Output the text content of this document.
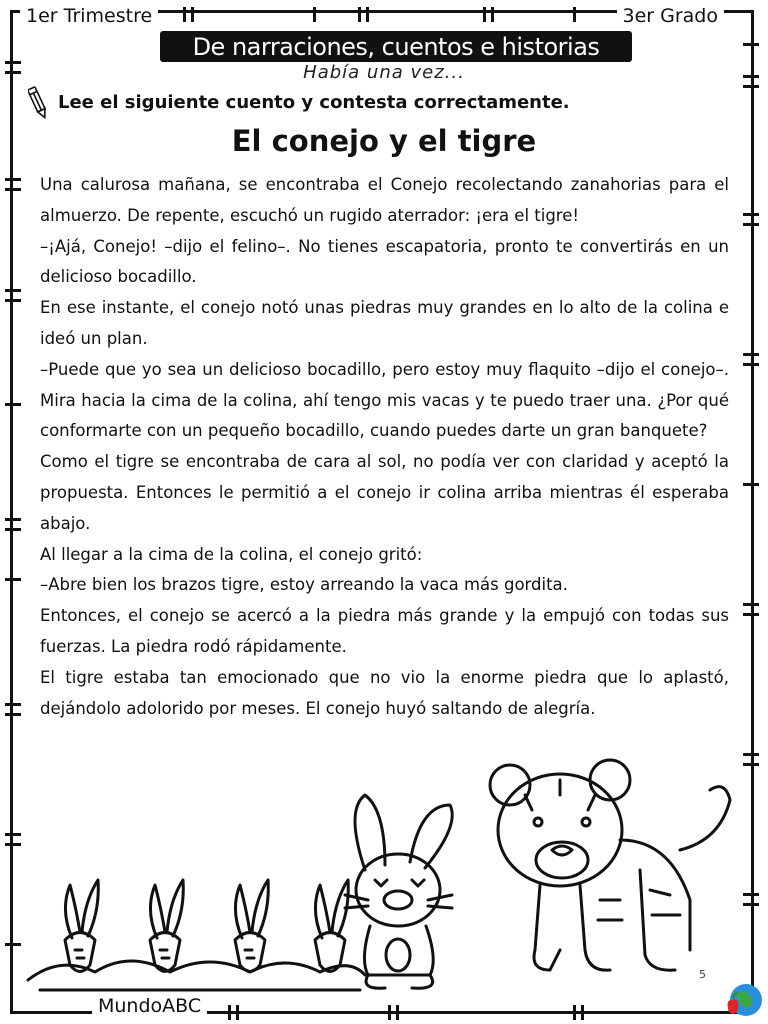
1er Trimestre	3er Grado
De narraciones, cuentos e historias
Había una vez...
Lee el siguiente cuento y contesta correctamente.
El conejo y el tigre

Una calurosa mañana, se encontraba el Conejo recolectando zanahorias para el almuerzo. De repente, escuchó un rugido aterrador: ¡era el tigre!

–¡Ajá, Conejo! –dijo el felino–. No tienes escapatoria, pronto te convertirás en un delicioso bocadillo.

En ese instante, el conejo notó unas piedras muy grandes en lo alto de la colina e ideó un plan.

–Puede que yo sea un delicioso bocadillo, pero estoy muy flaquito –dijo el conejo–. Mira hacia la cima de la colina, ahí tengo mis vacas y te puedo traer una. ¿Por qué conformarte con un pequeño bocadillo, cuando puedes darte un gran banquete?

Como el tigre se encontraba de cara al sol, no podía ver con claridad y aceptó la propuesta. Entonces le permitió a el conejo ir colina arriba mientras él esperaba abajo.

Al llegar a la cima de la colina, el conejo gritó:

–Abre bien los brazos tigre, estoy arreando la vaca más gordita.

Entonces, el conejo se acercó a la piedra más grande y la empujó con todas sus fuerzas. La piedra rodó rápidamente.

El tigre estaba tan emocionado que no vio la enorme piedra que lo aplastó, dejándolo adolorido por meses. El conejo huyó saltando de alegría.

5
MundoABC
